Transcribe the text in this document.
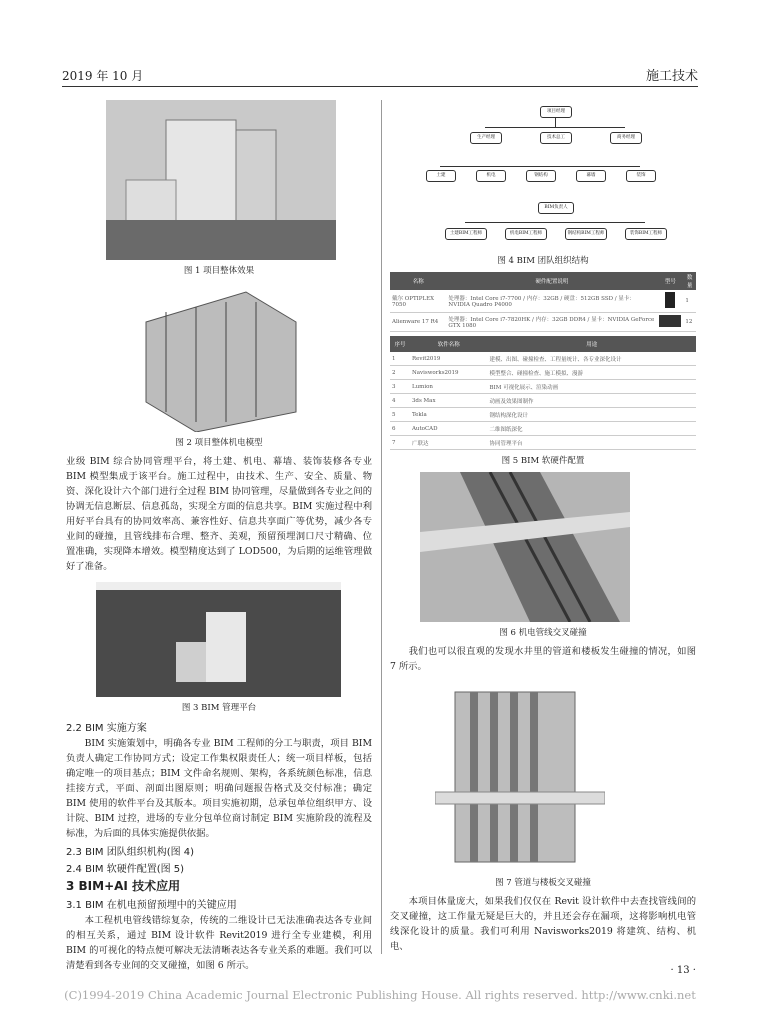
2019 年 10 月	施工技术
图 1 项目整体效果
图 2 项目整体机电模型

业级 BIM 综合协同管理平台，将土建、机电、幕墙、装饰装修各专业 BIM 模型集成于该平台。施工过程中，由技术、生产、安全、质量、物资、深化设计六个部门进行全过程 BIM 协同管理，尽量做到各专业之间的协调无信息断层、信息孤岛，实现全方面的信息共享。BIM 实施过程中利用好平台具有的协同效率高、兼容性好、信息共享面广等优势，减少各专业间的碰撞，且管线排布合理、整齐、美观，预留预埋洞口尺寸精确、位置准确，实现降本增效。模型精度达到了 LOD500，为后期的运维管理做好了准备。

图 3 BIM 管理平台
2.2 BIM 实施方案

BIM 实施策划中，明确各专业 BIM 工程师的分工与职责，项目 BIM 负责人确定工作协同方式；设定工作集权限责任人；统一项目样板，包括确定唯一的项目基点；BIM 文件命名规则、架构，各系统颜色标准，信息挂接方式，平面、剖面出图原则；明确问题报告格式及交付标准；确定 BIM 使用的软件平台及其版本。项目实施初期，总承包单位组织甲方、设计院、BIM 过控，进场的专业分包单位商讨制定 BIM 实施阶段的流程及标准，为后面的具体实施提供依据。

2.3 BIM 团队组织机构(图 4)
2.4 BIM 软硬件配置(图 5)
3 BIM+AI 技术应用
3.1 BIM 在机电预留预埋中的关键应用

本工程机电管线错综复杂，传统的二维设计已无法准确表达各专业间的相互关系，通过 BIM 设计软件 Revit2019 进行全专业建模，利用 BIM 的可视化的特点便可解决无法清晰表达各专业关系的难题。我们可以清楚看到各专业间的交叉碰撞，如图 6 所示。

项目经理
生产经理	技术总工	商务经理
土建	机电	钢结构	幕墙	装饰
BIM负责人
土建BIM工程师	机电BIM工程师	钢结构BIM工程师	装饰BIM工程师
图 4 BIM 团队组织结构
名称	硬件配置说明	型号	数量
戴尔 OPTIPLEX 7050	处理器：Intel Core i7-7700 / 内存：32GB / 硬盘：512GB SSD / 显卡：NVIDIA Quadro P4000		1
Alienware 17 R4	处理器：Intel Core i7-7820HK / 内存：32GB DDR4 / 显卡：NVIDIA GeForce GTX 1080		12
序号	软件名称	用途
1	Revit2019	建模、出图、碰撞检查、工程量统计、各专业深化设计
2	Navisworks2019	模型整合、碰撞检查、施工模拟、漫游
3	Lumion	BIM 可视化展示、渲染动画
4	3ds Max	动画及效果图制作
5	Tekla	钢结构深化设计
6	AutoCAD	二维图纸深化
7	广联达	协同管理平台
图 5 BIM 软硬件配置
图 6 机电管线交叉碰撞

我们也可以很直观的发现水井里的管道和楼板发生碰撞的情况，如图 7 所示。

图 7 管道与楼板交叉碰撞

本项目体量庞大，如果我们仅仅在 Revit 设计软件中去查找管线间的交叉碰撞，这工作量无疑是巨大的，并且还会存在漏项，这将影响机电管线深化设计的质量。我们可利用 Navisworks2019 将建筑、结构、机电、

· 13 ·
(C)1994-2019 China Academic Journal Electronic Publishing House. All rights reserved. http://www.cnki.net
